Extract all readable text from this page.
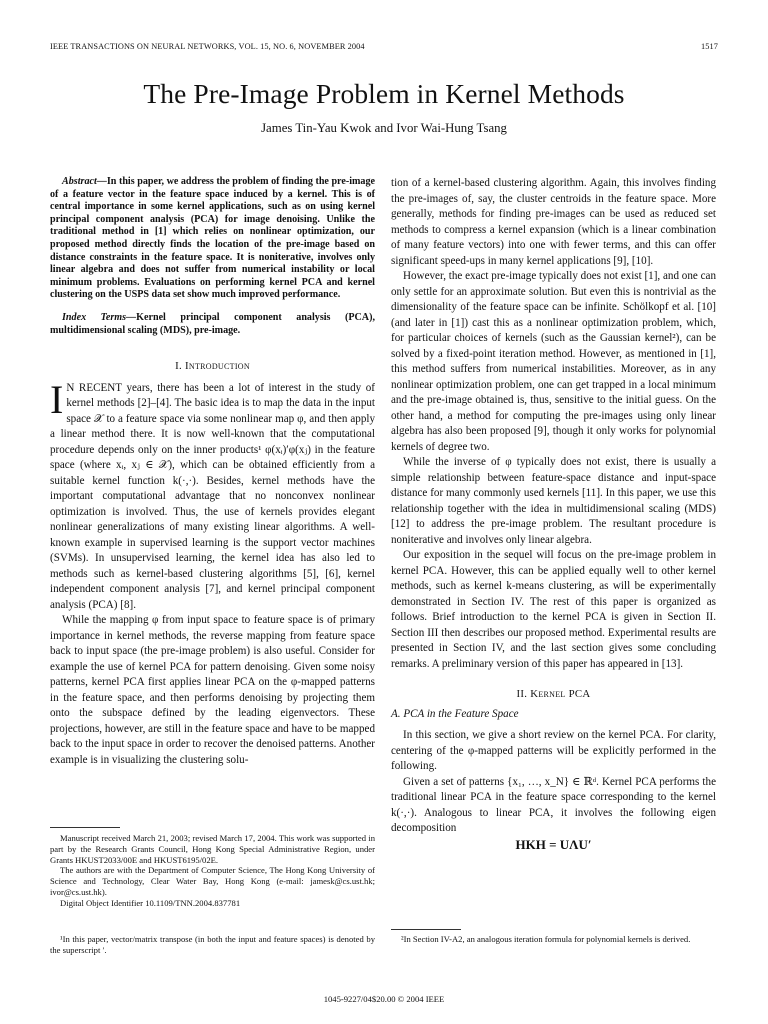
IEEE TRANSACTIONS ON NEURAL NETWORKS, VOL. 15, NO. 6, NOVEMBER 2004	1517
The Pre-Image Problem in Kernel Methods
James Tin-Yau Kwok and Ivor Wai-Hung Tsang

Abstract—In this paper, we address the problem of finding the pre-image of a feature vector in the feature space induced by a kernel. This is of central importance in some kernel applications, such as on using kernel principal component analysis (PCA) for image denoising. Unlike the traditional method in [1] which relies on nonlinear optimization, our proposed method directly finds the location of the pre-image based on distance constraints in the feature space. It is noniterative, involves only linear algebra and does not suffer from numerical instability or local minimum problems. Evaluations on performing kernel PCA and kernel clustering on the USPS data set show much improved performance.

Index Terms—Kernel principal component analysis (PCA), multidimensional scaling (MDS), pre-image.

I. Introduction

I N RECENT years, there has been a lot of interest in the study of kernel methods [2]–[4]. The basic idea is to map the data in the input space 𝒳 to a feature space via some nonlinear map φ, and then apply a linear method there. It is now well-known that the computational procedure depends only on the inner products¹ φ(xᵢ)′φ(xⱼ) in the feature space (where xᵢ, xⱼ ∈ 𝒳), which can be obtained efficiently from a suitable kernel function k(·,·). Besides, kernel methods have the important computational advantage that no nonconvex nonlinear optimization is involved. Thus, the use of kernels provides elegant nonlinear generalizations of many existing linear algorithms. A well-known example in supervised learning is the support vector machines (SVMs). In unsupervised learning, the kernel idea has also led to methods such as kernel-based clustering algorithms [5], [6], kernel independent component analysis [7], and kernel principal component analysis (PCA) [8].

While the mapping φ from input space to feature space is of primary importance in kernel methods, the reverse mapping from feature space back to input space (the pre-image problem) is also useful. Consider for example the use of kernel PCA for pattern denoising. Given some noisy patterns, kernel PCA first applies linear PCA on the φ-mapped patterns in the feature space, and then performs denoising by projecting them onto the subspace defined by the leading eigenvectors. These projections, however, are still in the feature space and have to be mapped back to the input space in order to recover the denoised patterns. Another example is in visualizing the clustering solu-

tion of a kernel-based clustering algorithm. Again, this involves finding the pre-images of, say, the cluster centroids in the feature space. More generally, methods for finding pre-images can be used as reduced set methods to compress a kernel expansion (which is a linear combination of many feature vectors) into one with fewer terms, and this can offer significant speed-ups in many kernel applications [9], [10].

However, the exact pre-image typically does not exist [1], and one can only settle for an approximate solution. But even this is nontrivial as the dimensionality of the feature space can be infinite. Schölkopf et al. [10] (and later in [1]) cast this as a nonlinear optimization problem, which, for particular choices of kernels (such as the Gaussian kernel²), can be solved by a fixed-point iteration method. However, as mentioned in [1], this method suffers from numerical instabilities. Moreover, as in any nonlinear optimization problem, one can get trapped in a local minimum and the pre-image obtained is, thus, sensitive to the initial guess. On the other hand, a method for computing the pre-images using only linear algebra has also been proposed [9], though it only works for polynomial kernels of degree two.

While the inverse of φ typically does not exist, there is usually a simple relationship between feature-space distance and input-space distance for many commonly used kernels [11]. In this paper, we use this relationship together with the idea in multidimensional scaling (MDS) [12] to address the pre-image problem. The resultant procedure is noniterative and involves only linear algebra.

Our exposition in the sequel will focus on the pre-image problem in kernel PCA. However, this can be applied equally well to other kernel methods, such as kernel k-means clustering, as will be experimentally demonstrated in Section IV. The rest of this paper is organized as follows. Brief introduction to the kernel PCA is given in Section II. Section III then describes our proposed method. Experimental results are presented in Section IV, and the last section gives some concluding remarks. A preliminary version of this paper has appeared in [13].

II. Kernel PCA

A. PCA in the Feature Space

In this section, we give a short review on the kernel PCA. For clarity, centering of the φ-mapped patterns will be explicitly performed in the following.

Given a set of patterns {x₁, …, x_N} ∈ ℝᵈ. Kernel PCA performs the traditional linear PCA in the feature space corresponding to the kernel k(·,·). Analogous to linear PCA, it involves the following eigen decomposition

HKH = UΛU′

Manuscript received March 21, 2003; revised March 17, 2004. This work was supported in part by the Research Grants Council, Hong Kong Special Administrative Region, under Grants HKUST2033/00E and HKUST6195/02E.

The authors are with the Department of Computer Science, The Hong Kong University of Science and Technology, Clear Water Bay, Hong Kong (e-mail: jamesk@cs.ust.hk; ivor@cs.ust.hk).

Digital Object Identifier 10.1109/TNN.2004.837781

¹In this paper, vector/matrix transpose (in both the input and feature spaces) is denoted by the superscript ′.

²In Section IV-A2, an analogous iteration formula for polynomial kernels is derived.

1045-9227/04$20.00 © 2004 IEEE
